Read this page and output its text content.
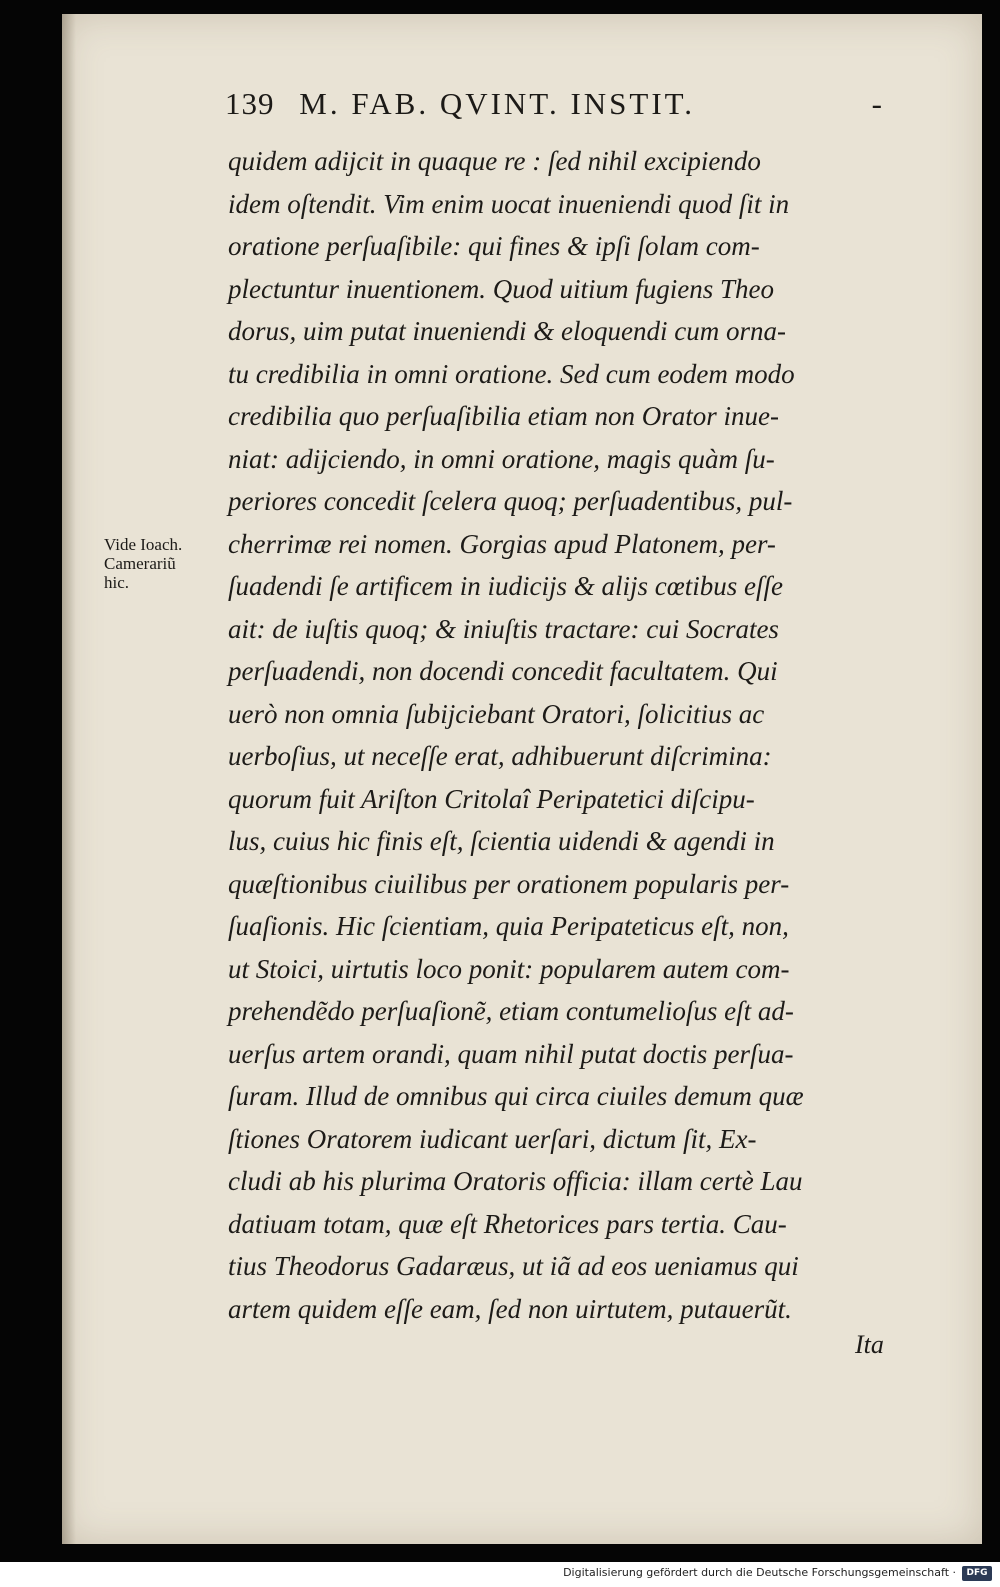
139 M. FAB. QVINT. INSTIT.	-
Vide Ioach.
Camerariũ
hic.
quidem adijcit in quaque re : ſed nihil excipiendo
idem oſtendit. Vim enim uocat inueniendi quod ſit in
oratione perſuaſibile: qui fines & ipſi ſolam com-
plectuntur inuentionem. Quod uitium fugiens Theo
dorus, uim putat inueniendi & eloquendi cum orna-
tu credibilia in omni oratione. Sed cum eodem modo
credibilia quo perſuaſibilia etiam non Orator inue-
niat: adijciendo, in omni oratione, magis quàm ſu-
periores concedit ſcelera quoq; perſuadentibus, pul-
cherrimæ rei nomen. Gorgias apud Platonem, per-
ſuadendi ſe artificem in iudicijs & alijs cœtibus eſſe
ait: de iuſtis quoq; & iniuſtis tractare: cui Socrates
perſuadendi, non docendi concedit facultatem. Qui
uerò non omnia ſubijciebant Oratori, ſolicitius ac
uerboſius, ut neceſſe erat, adhibuerunt diſcrimina:
quorum fuit Ariſton Critolaî Peripatetici diſcipu-
lus, cuius hic finis eſt, ſcientia uidendi & agendi in
quæſtionibus ciuilibus per orationem popularis per-
ſuaſionis. Hic ſcientiam, quia Peripateticus eſt, non,
ut Stoici, uirtutis loco ponit: popularem autem com-
prehendẽdo perſuaſionẽ, etiam contumelioſus eſt ad-
uerſus artem orandi, quam nihil putat doctis perſua-
ſuram. Illud de omnibus qui circa ciuiles demum quæ
ſtiones Oratorem iudicant uerſari, dictum ſit, Ex-
cludi ab his plurima Oratoris officia: illam certè Lau
datiuam totam, quæ eſt Rhetorices pars tertia. Cau-
tius Theodorus Gadaræus, ut iã ad eos ueniamus qui
artem quidem eſſe eam, ſed non uirtutem, putauerũt.
Ita
Digitalisierung gefördert durch die Deutsche Forschungsgemeinschaft ·	DFG
